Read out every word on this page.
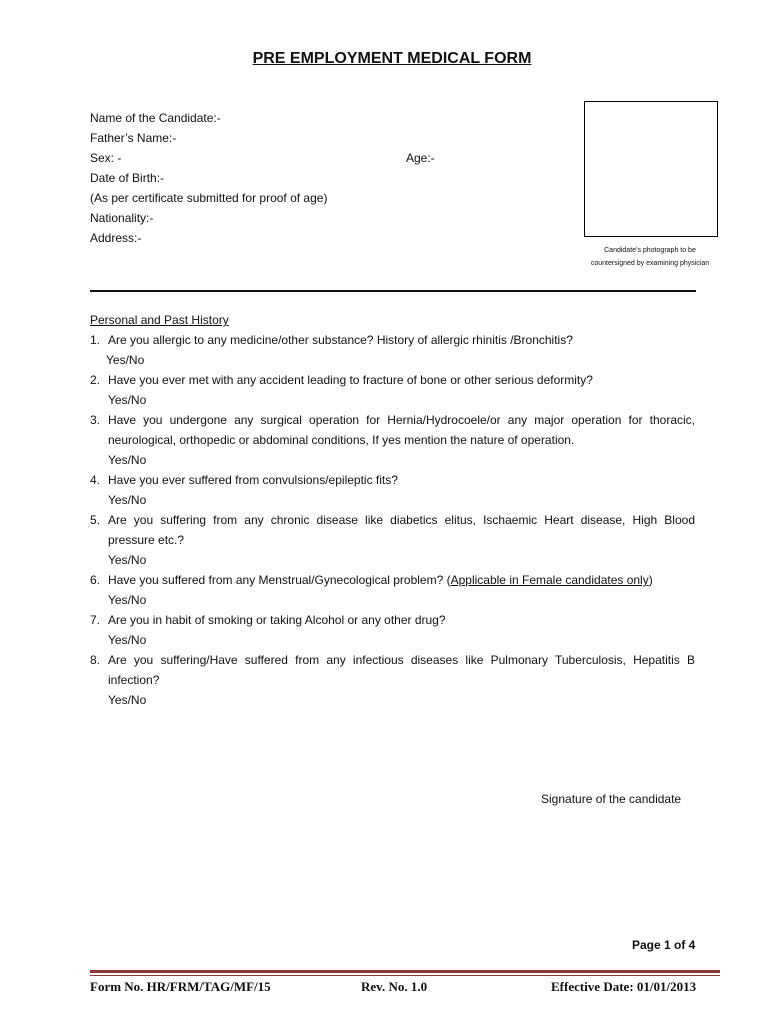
PRE EMPLOYMENT MEDICAL FORM
Name of the Candidate:-
Father’s Name:-
Sex: -	Age:-
Date of Birth:-
(As per certificate submitted for proof of age)
Nationality:-
Address:-
Candidate’s photograph to be
countersigned by examining physician
Personal and Past History
1. Are you allergic to any medicine/other substance? History of allergic rhinitis /Bronchitis?
Yes/No
2. Have you ever met with any accident leading to fracture of bone or other serious deformity?
Yes/No
3. Have you undergone any surgical operation for Hernia/Hydrocoele/or any major operation for thoracic,
neurological, orthopedic or abdominal conditions, If yes mention the nature of operation.
Yes/No
4. Have you ever suffered from convulsions/epileptic fits?
Yes/No
5. Are you suffering from any chronic disease like diabetics elitus, Ischaemic Heart disease, High Blood
pressure etc.?
Yes/No
6. Have you suffered from any Menstrual/Gynecological problem? (Applicable in Female candidates only)
Yes/No
7. Are you in habit of smoking or taking Alcohol or any other drug?
Yes/No
8. Are you suffering/Have suffered from any infectious diseases like Pulmonary Tuberculosis, Hepatitis B
infection?
Yes/No
Signature of the candidate
Page 1 of 4
Form No. HR/FRM/TAG/MF/15	Rev. No. 1.0	Effective Date: 01/01/2013
